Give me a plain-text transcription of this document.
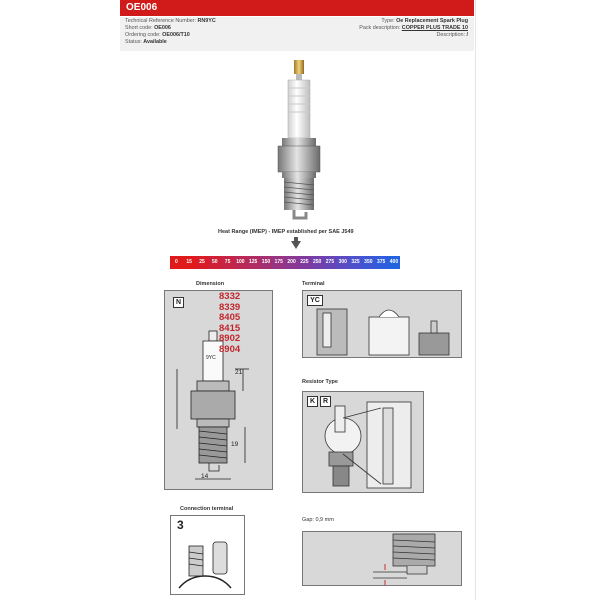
OE006
Technical Reference Number: RN9YC
Short code: OE006
Ordering code: OE006/T10
Status: Available
Type: Oe Replacement Spark Plug
Pack description: COPPER PLUS TRADE 10
Description: /
Heat Range (IMEP) - IMEP established per SAE J549
0	15	25	50	75	100 125 150 175 200 225 250 275 300 325 350 375 400
Dimension
9YC
N
21
19
14
8332
8339
8405
8415
8902
8904
Terminal
YC
Resistor Type
K	R
Connection terminal
3	Gap: 0,9 mm
